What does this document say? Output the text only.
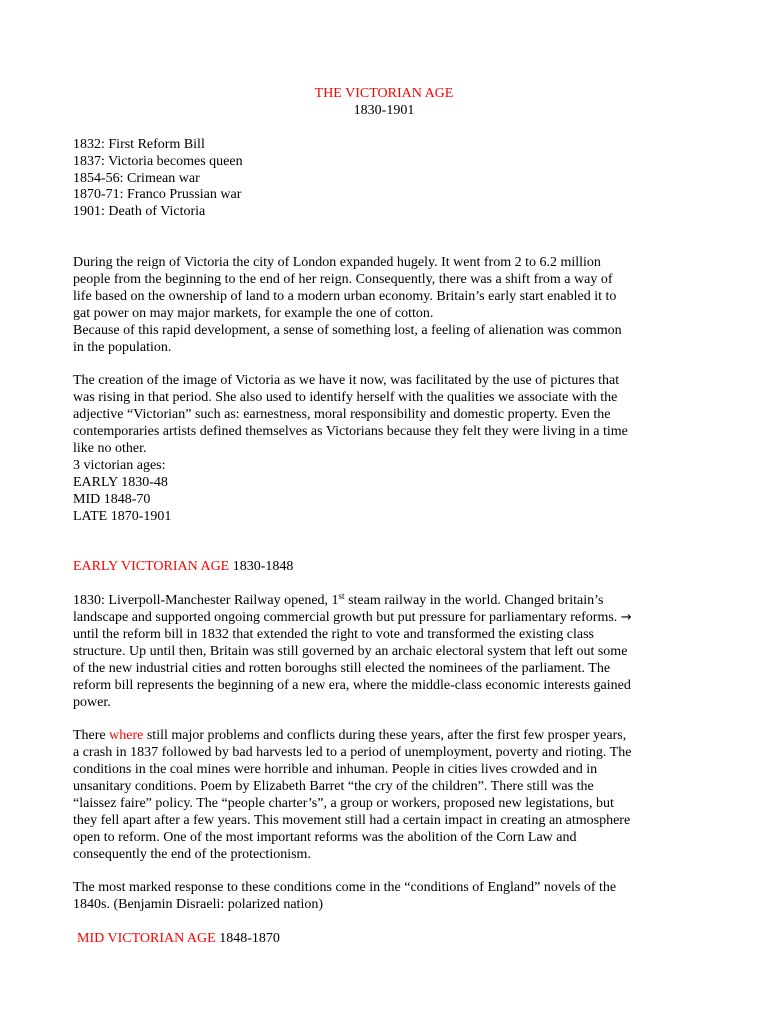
THE VICTORIAN AGE
1830-1901
1832: First Reform Bill
1837: Victoria becomes queen
1854-56: Crimean war
1870-71: Franco Prussian war
1901: Death of Victoria
During the reign of Victoria the city of London expanded hugely. It went from 2 to 6.2 million
people from the beginning to the end of her reign. Consequently, there was a shift from a way of
life based on the ownership of land to a modern urban economy. Britain’s early start enabled it to
gat power on may major markets, for example the one of cotton.
Because of this rapid development, a sense of something lost, a feeling of alienation was common
in the population.
The creation of the image of Victoria as we have it now, was facilitated by the use of pictures that
was rising in that period. She also used to identify herself with the qualities we associate with the
adjective “Victorian” such as: earnestness, moral responsibility and domestic property. Even the
contemporaries artists defined themselves as Victorians because they felt they were living in a time
like no other.
3 victorian ages:
EARLY 1830-48
MID 1848-70
LATE 1870-1901
EARLY VICTORIAN AGE 1830-1848
1830: Liverpoll-Manchester Railway opened, 1st steam railway in the world. Changed britain’s
landscape and supported ongoing commercial growth but put pressure for parliamentary reforms. →
until the reform bill in 1832 that extended the right to vote and transformed the existing class
structure. Up until then, Britain was still governed by an archaic electoral system that left out some
of the new industrial cities and rotten boroughs still elected the nominees of the parliament. The
reform bill represents the beginning of a new era, where the middle-class economic interests gained
power.
There where still major problems and conflicts during these years, after the first few prosper years,
a crash in 1837 followed by bad harvests led to a period of unemployment, poverty and rioting. The
conditions in the coal mines were horrible and inhuman. People in cities lives crowded and in
unsanitary conditions. Poem by Elizabeth Barret “the cry of the children”. There still was the
“laissez faire” policy. The “people charter’s”, a group or workers, proposed new legistations, but
they fell apart after a few years. This movement still had a certain impact in creating an atmosphere
open to reform. One of the most important reforms was the abolition of the Corn Law and
consequently the end of the protectionism.
The most marked response to these conditions come in the “conditions of England” novels of the
1840s. (Benjamin Disraeli: polarized nation)
MID VICTORIAN AGE 1848-1870
